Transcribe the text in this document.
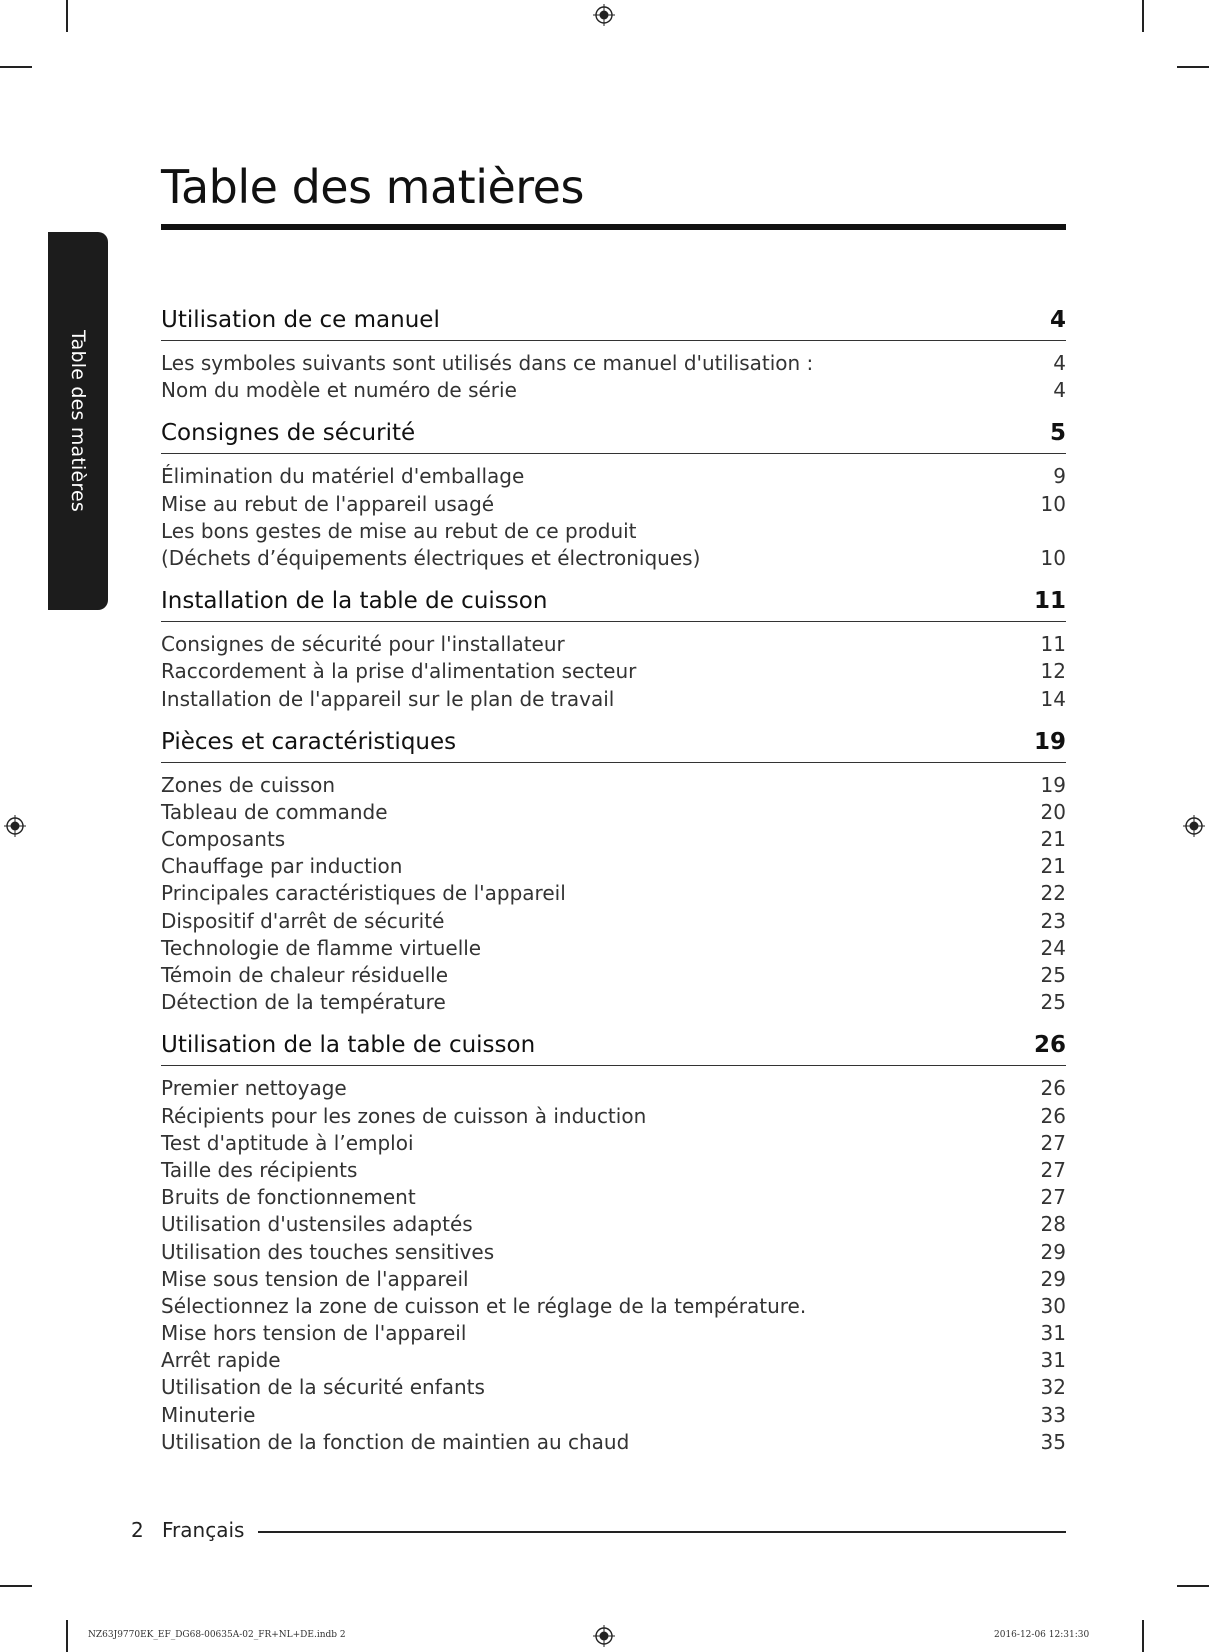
Table des matières
Table des matières
Utilisation de ce manuel	4
Les symboles suivants sont utilisés dans ce manuel d'utilisation :	4
Nom du modèle et numéro de série	4
Consignes de sécurité	5
Élimination du matériel d'emballage	9
Mise au rebut de l'appareil usagé	10
Les bons gestes de mise au rebut de ce produit
(Déchets d’équipements électriques et électroniques)	10
Installation de la table de cuisson	11
Consignes de sécurité pour l'installateur	11
Raccordement à la prise d'alimentation secteur	12
Installation de l'appareil sur le plan de travail	14
Pièces et caractéristiques	19
Zones de cuisson	19
Tableau de commande	20
Composants	21
Chauffage par induction	21
Principales caractéristiques de l'appareil	22
Dispositif d'arrêt de sécurité	23
Technologie de flamme virtuelle	24
Témoin de chaleur résiduelle	25
Détection de la température	25
Utilisation de la table de cuisson	26
Premier nettoyage	26
Récipients pour les zones de cuisson à induction	26
Test d'aptitude à l’emploi	27
Taille des récipients	27
Bruits de fonctionnement	27
Utilisation d'ustensiles adaptés	28
Utilisation des touches sensitives	29
Mise sous tension de l'appareil	29
Sélectionnez la zone de cuisson et le réglage de la température.	30
Mise hors tension de l'appareil	31
Arrêt rapide	31
Utilisation de la sécurité enfants	32
Minuterie	33
Utilisation de la fonction de maintien au chaud	35
2 Français
NZ63J9770EK_EF_DG68-00635A-02_FR+NL+DE.indb 2	2016-12-06 12:31:30
